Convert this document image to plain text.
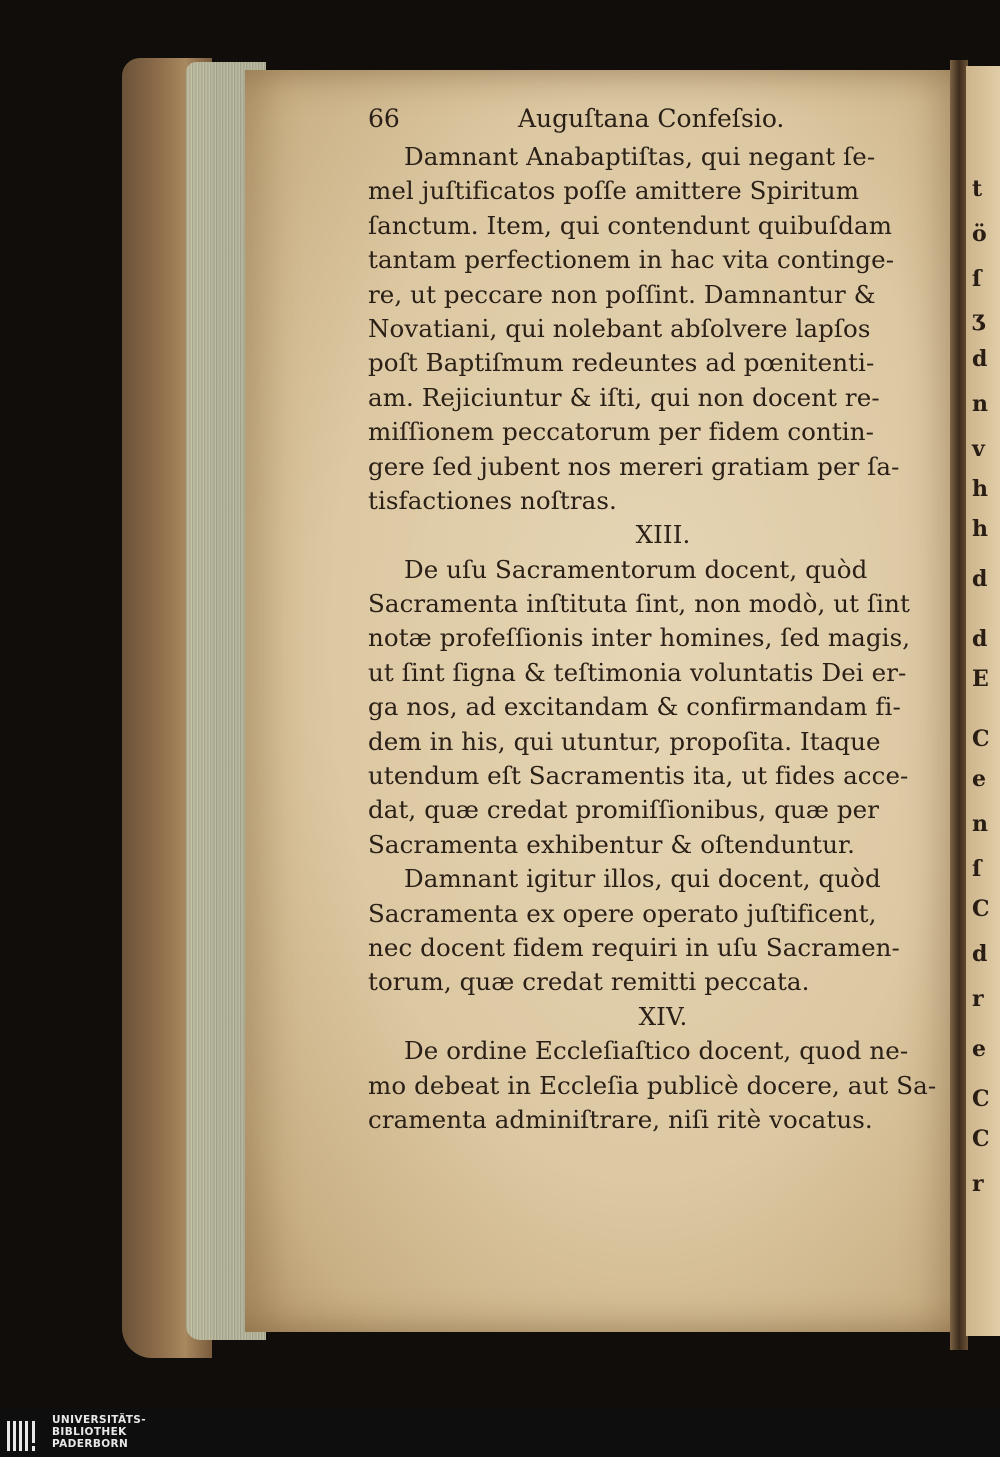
t
ö
ſ
ʒ
d
n
v
h
h
d
d
E
C
e
n
ſ
C
d
r
e
C
C
r
66	Auguſtana Confeſsio.
Damnant Anabaptiſtas, qui negant ſe-
mel juſtificatos poſſe amittere Spiritum
ſanctum. Item, qui contendunt quibuſdam
tantam perfectionem in hac vita continge-
re, ut peccare non poſſint. Damnantur &
Novatiani, qui nolebant abſolvere lapſos
poſt Baptiſmum redeuntes ad pœnitenti-
am. Rejiciuntur & iſti, qui non docent re-
miſſionem peccatorum per fidem contin-
gere ſed jubent nos mereri gratiam per ſa-
tisfactiones noſtras.
XIII.
De uſu Sacramentorum docent, quòd
Sacramenta inſtituta ſint, non modò, ut ſint
notæ profeſſionis inter homines, ſed magis,
ut ſint ſigna & teſtimonia voluntatis Dei er-
ga nos, ad excitandam & confirmandam fi-
dem in his, qui utuntur, propoſita. Itaque
utendum eſt Sacramentis ita, ut fides acce-
dat, quæ credat promiſſionibus, quæ per
Sacramenta exhibentur & oſtenduntur.
Damnant igitur illos, qui docent, quòd
Sacramenta ex opere operato juſtificent,
nec docent fidem requiri in uſu Sacramen-
torum, quæ credat remitti peccata.
XIV.
De ordine Eccleſiaſtico docent, quod ne-
mo debeat in Eccleſia publicè docere, aut Sa-
cramenta adminiſtrare, niſi ritè vocatus.
UNIVERSITÄTS-
BIBLIOTHEK
PADERBORN
